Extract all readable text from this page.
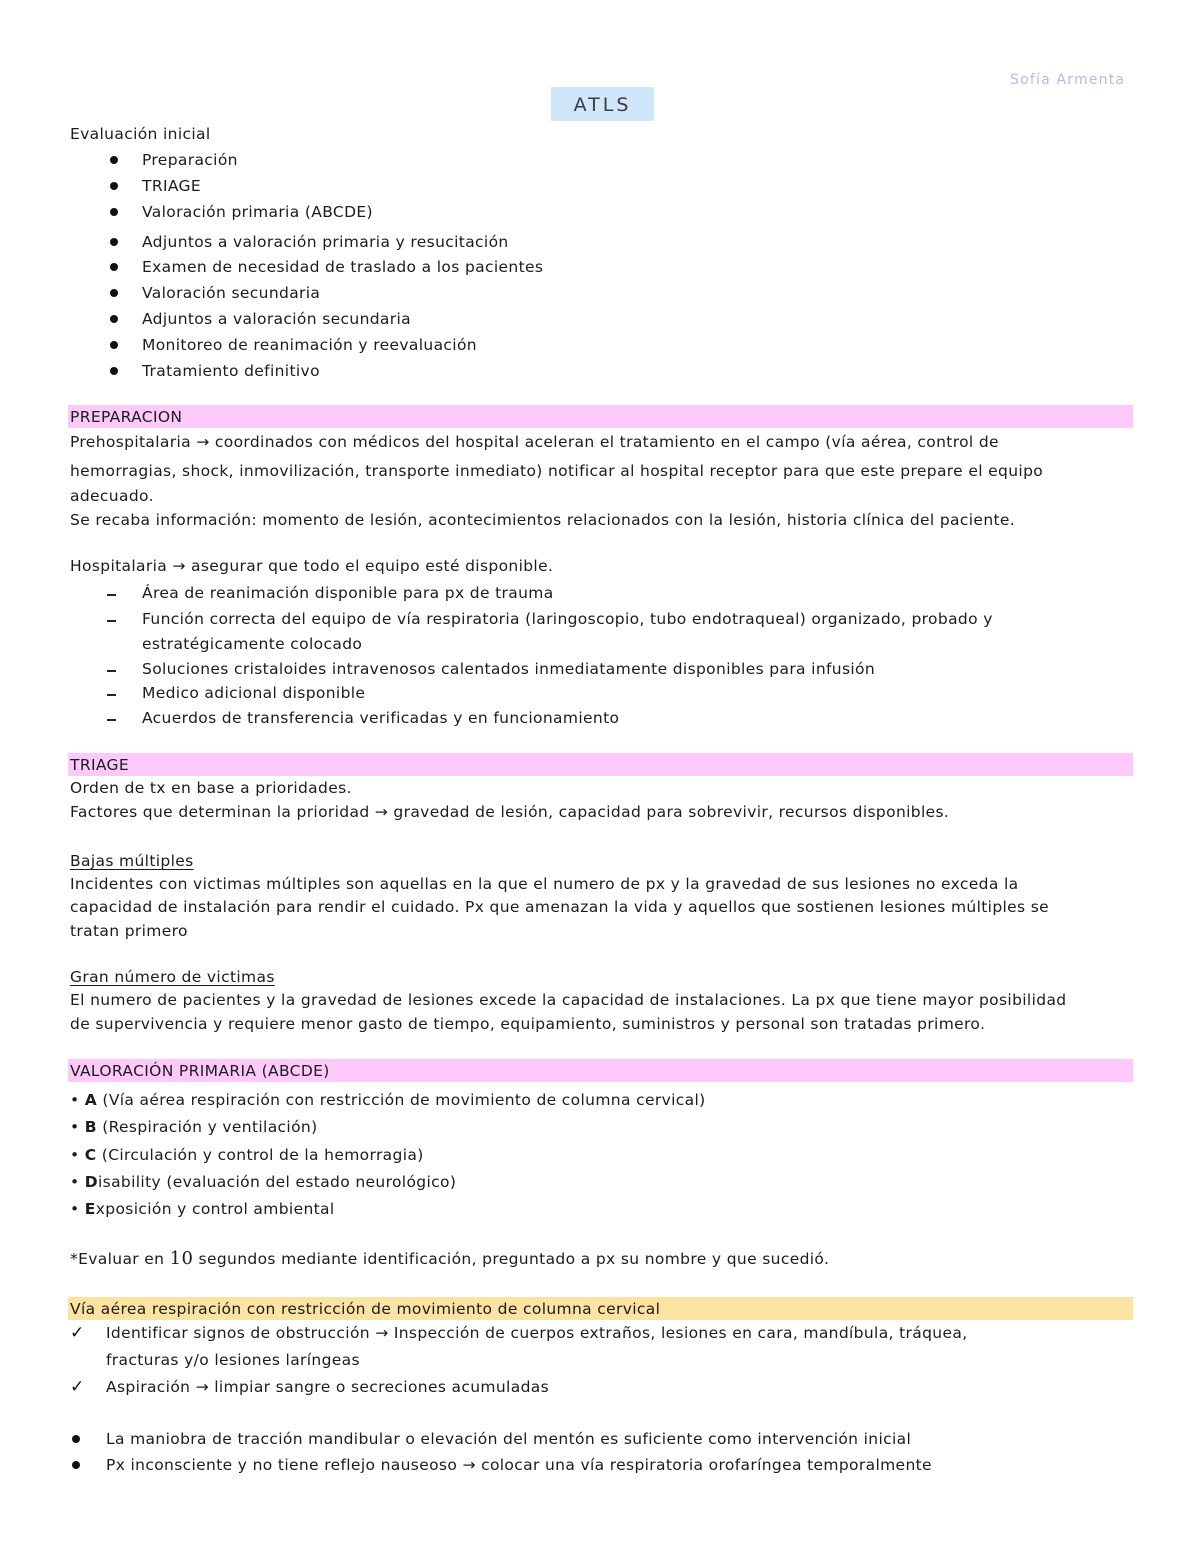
Sofía Armenta
ATLS
Evaluación inicial
Preparación
TRIAGE
Valoración primaria (ABCDE)
Adjuntos a valoración primaria y resucitación
Examen de necesidad de traslado a los pacientes
Valoración secundaria
Adjuntos a valoración secundaria
Monitoreo de reanimación y reevaluación
Tratamiento definitivo
PREPARACION
Prehospitalaria → coordinados con médicos del hospital aceleran el tratamiento en el campo (vía aérea, control de
hemorragias, shock, inmovilización, transporte inmediato) notificar al hospital receptor para que este prepare el equipo
adecuado.
Se recaba información: momento de lesión, acontecimientos relacionados con la lesión, historia clínica del paciente.
Hospitalaria → asegurar que todo el equipo esté disponible.
Área de reanimación disponible para px de trauma
Función correcta del equipo de vía respiratoria (laringoscopio, tubo endotraqueal) organizado, probado y
estratégicamente colocado
Soluciones cristaloides intravenosos calentados inmediatamente disponibles para infusión
Medico adicional disponible
Acuerdos de transferencia verificadas y en funcionamiento
TRIAGE
Orden de tx en base a prioridades.
Factores que determinan la prioridad → gravedad de lesión, capacidad para sobrevivir, recursos disponibles.
Bajas múltiples
Incidentes con victimas múltiples son aquellas en la que el numero de px y la gravedad de sus lesiones no exceda la
capacidad de instalación para rendir el cuidado. Px que amenazan la vida y aquellos que sostienen lesiones múltiples se
tratan primero
Gran número de victimas
El numero de pacientes y la gravedad de lesiones excede la capacidad de instalaciones. La px que tiene mayor posibilidad
de supervivencia y requiere menor gasto de tiempo, equipamiento, suministros y personal son tratadas primero.
VALORACIÓN PRIMARIA (ABCDE)
• A (Vía aérea respiración con restricción de movimiento de columna cervical)
• B (Respiración y ventilación)
• C (Circulación y control de la hemorragia)
• Disability (evaluación del estado neurológico)
• Exposición y control ambiental
*Evaluar en 10 segundos mediante identificación, preguntado a px su nombre y que sucedió.
Vía aérea respiración con restricción de movimiento de columna cervical
✓ Identificar signos de obstrucción → Inspección de cuerpos extraños, lesiones en cara, mandíbula, tráquea,
fracturas y/o lesiones laríngeas
✓ Aspiración → limpiar sangre o secreciones acumuladas
La maniobra de tracción mandibular o elevación del mentón es suficiente como intervención inicial
Px inconsciente y no tiene reflejo nauseoso → colocar una vía respiratoria orofaríngea temporalmente
